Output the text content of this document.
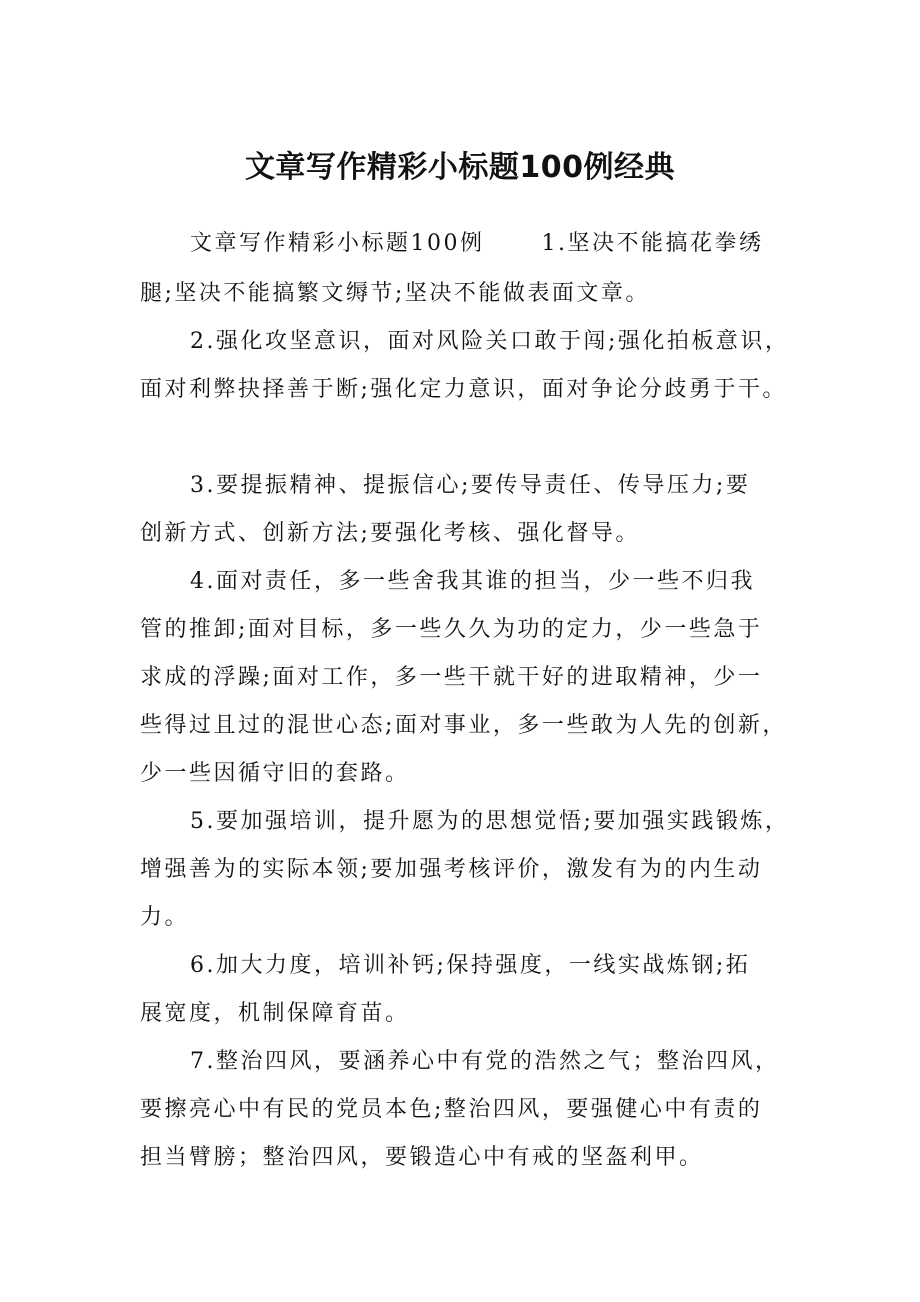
文章写作精彩小标题100例经典

文章写作精彩小标题100例      1.坚决不能搞花拳绣

腿;坚决不能搞繁文缛节;坚决不能做表面文章。

2.强化攻坚意识，面对风险关口敢于闯;强化拍板意识，

面对利弊抉择善于断;强化定力意识，面对争论分歧勇于干。

3.要提振精神、提振信心;要传导责任、传导压力;要

创新方式、创新方法;要强化考核、强化督导。

4.面对责任，多一些舍我其谁的担当，少一些不归我

管的推卸;面对目标，多一些久久为功的定力，少一些急于

求成的浮躁;面对工作，多一些干就干好的进取精神，少一

些得过且过的混世心态;面对事业，多一些敢为人先的创新，

少一些因循守旧的套路。

5.要加强培训，提升愿为的思想觉悟;要加强实践锻炼，

增强善为的实际本领;要加强考核评价，激发有为的内生动

力。

6.加大力度，培训补钙;保持强度，一线实战炼钢;拓

展宽度，机制保障育苗。

7.整治四风，要涵养心中有党的浩然之气；整治四风，

要擦亮心中有民的党员本色;整治四风，要强健心中有责的

担当臂膀；整治四风，要锻造心中有戒的坚盔利甲。
